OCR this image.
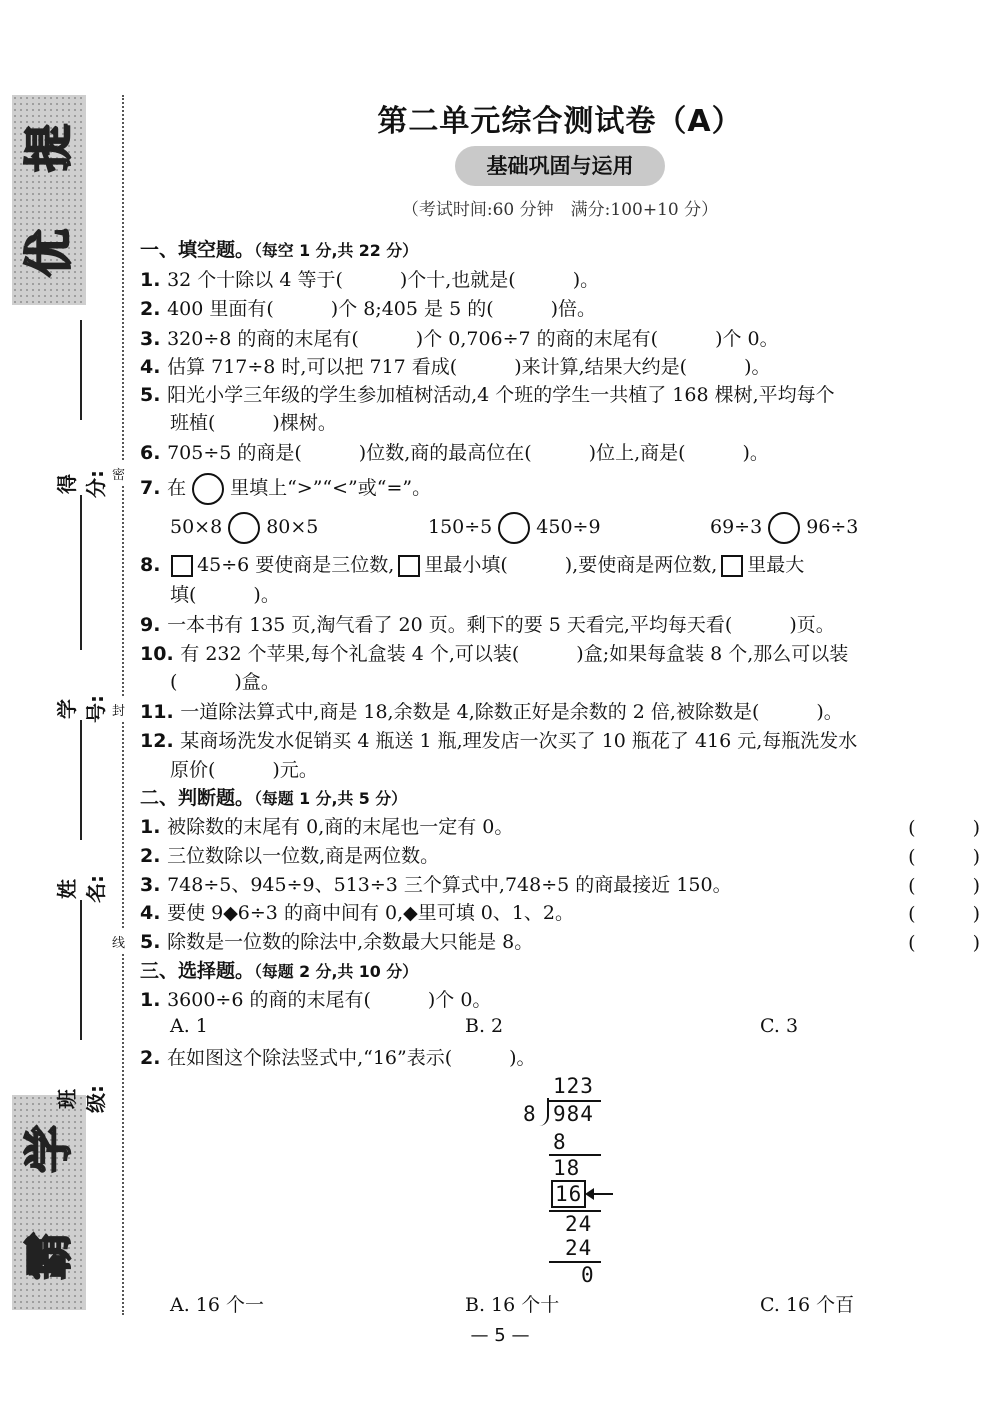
提
优
学
霸
得分:
学号:
姓名:
班级:
密
封
线
第二单元综合测试卷（A）
基础巩固与运用
（考试时间:60 分钟　满分:100+10 分）
一、填空题。（每空 1 分,共 22 分）
1. 32 个十除以 4 等于(　　　)个十,也就是(　　　)。
2. 400 里面有(　　　)个 8;405 是 5 的(　　　)倍。
3. 320÷8 的商的末尾有(　　　)个 0,706÷7 的商的末尾有(　　　)个 0。
4. 估算 717÷8 时,可以把 717 看成(　　　)来计算,结果大约是(　　　)。
5. 阳光小学三年级的学生参加植树活动,4 个班的学生一共植了 168 棵树,平均每个
班植(　　　)棵树。
6. 705÷5 的商是(　　　)位数,商的最高位在(　　　)位上,商是(　　　)。
7. 在 里填上“>”“<”或“=”。
50×8 80×5	150÷5 450÷9	69÷3 96÷3
8. 45÷6 要使商是三位数, 里最小填(　　　),要使商是两位数, 里最大
填(　　　)。
9. 一本书有 135 页,淘气看了 20 页。剩下的要 5 天看完,平均每天看(　　　)页。
10. 有 232 个苹果,每个礼盒装 4 个,可以装(　　　)盒;如果每盒装 8 个,那么可以装
(　　　)盒。
11. 一道除法算式中,商是 18,余数是 4,除数正好是余数的 2 倍,被除数是(　　　)。
12. 某商场洗发水促销买 4 瓶送 1 瓶,理发店一次买了 10 瓶花了 416 元,每瓶洗发水
原价(　　　)元。
二、判断题。（每题 1 分,共 5 分）
1. 被除数的末尾有 0,商的末尾也一定有 0。	(　　　)
2. 三位数除以一位数,商是两位数。	(　　　)
3. 748÷5、945÷9、513÷3 三个算式中,748÷5 的商最接近 150。	(　　　)
4. 要使 9◆6÷3 的商中间有 0,◆里可填 0、1、2。	(　　　)
5. 除数是一位数的除法中,余数最大只能是 8。	(　　　)
三、选择题。（每题 2 分,共 10 分）
1. 3600÷6 的商的末尾有(　　　)个 0。
A. 1	B. 2	C. 3
2. 在如图这个除法竖式中,“16”表示(　　　)。
123
8 984
8
18
16
24
24
0
A. 16 个一	B. 16 个十	C. 16 个百
— 5 —
